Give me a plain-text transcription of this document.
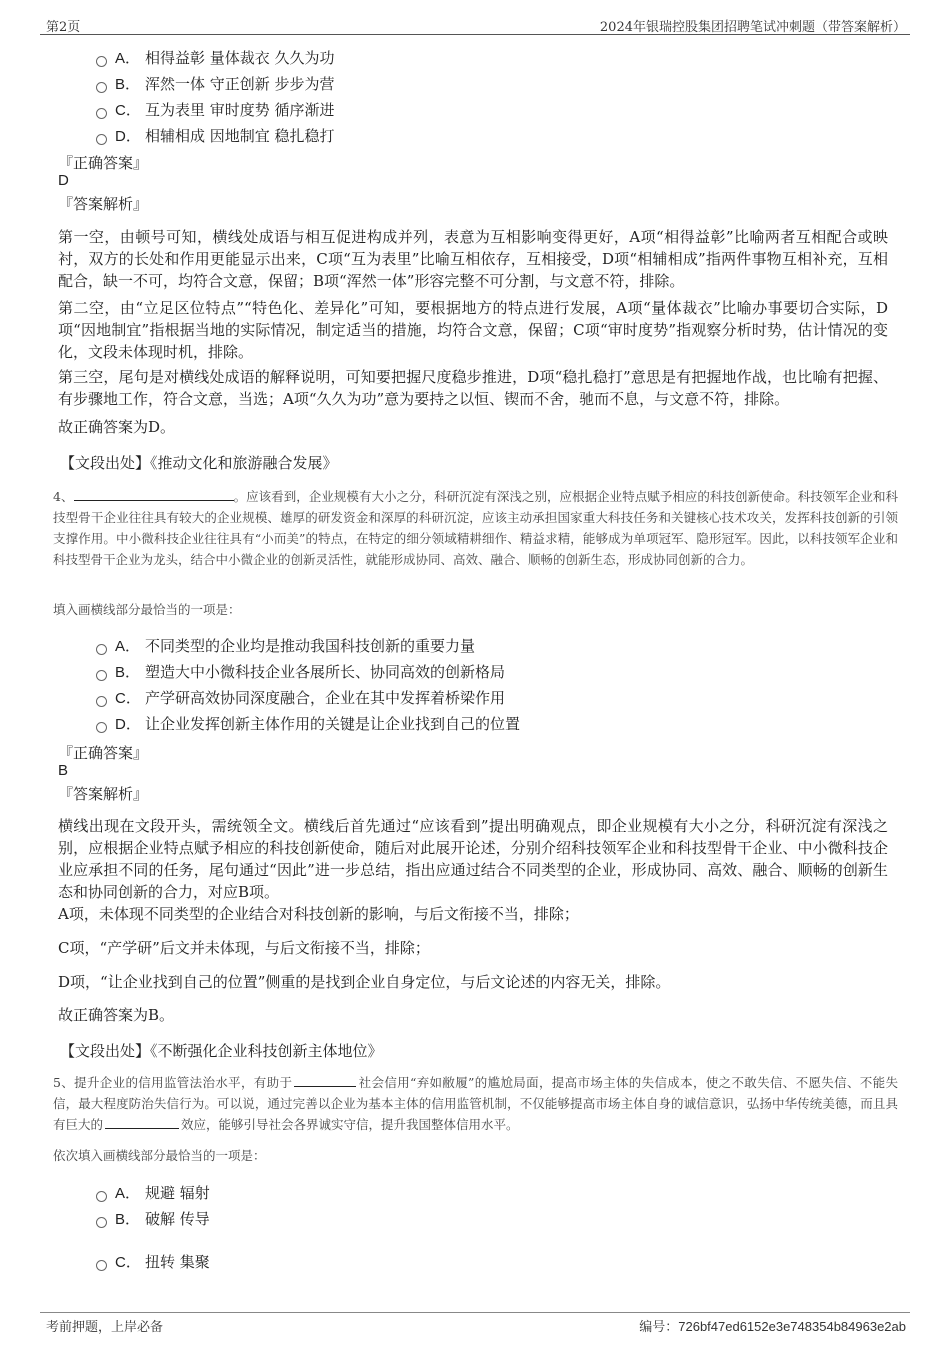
第2页	2024年银瑞控股集团招聘笔试冲刺题（带答案解析）
A． 相得益彰 量体裁衣 久久为功
B． 浑然一体 守正创新 步步为营
C． 互为表里 审时度势 循序渐进
D． 相辅相成 因地制宜 稳扎稳打
『正确答案』
D
『答案解析』

第一空，由顿号可知，横线处成语与相互促进构成并列，表意为互相影响变得更好，A项“相得益彰”比喻两者互相配合或映衬，双方的长处和作用更能显示出来，C项“互为表里”比喻互相依存，互相接受，D项“相辅相成”指两件事物互相补充，互相配合，缺一不可，均符合文意，保留；B项“浑然一体”形容完整不可分割，与文意不符，排除。

第二空，由“立足区位特点”“特色化、差异化”可知，要根据地方的特点进行发展，A项“量体裁衣”比喻办事要切合实际，D项“因地制宜”指根据当地的实际情况，制定适当的措施，均符合文意，保留；C项“审时度势”指观察分析时势，估计情况的变化，文段未体现时机，排除。

第三空，尾句是对横线处成语的解释说明，可知要把握尺度稳步推进，D项“稳扎稳打”意思是有把握地作战，也比喻有把握、有步骤地工作，符合文意，当选；A项“久久为功”意为要持之以恒、锲而不舍，驰而不息，与文意不符，排除。

故正确答案为D。

【文段出处】《推动文化和旅游融合发展》

4、	。应该看到，企业规模有大小之分，科研沉淀有深浅之别，应根据企业特点赋予相应的科技创新使命。科技领军企业和科技型骨干企业往往具有较大的企业规模、雄厚的研发资金和深厚的科研沉淀，应该主动承担国家重大科技任务和关键核心技术攻关，发挥科技创新的引领支撑作用。中小微科技企业往往具有“小而美”的特点，在特定的细分领域精耕细作、精益求精，能够成为单项冠军、隐形冠军。因此，以科技领军企业和科技型骨干企业为龙头，结合中小微企业的创新灵活性，就能形成协同、高效、融合、顺畅的创新生态，形成协同创新的合力。

填入画横线部分最恰当的一项是：
A． 不同类型的企业均是推动我国科技创新的重要力量
B． 塑造大中小微科技企业各展所长、协同高效的创新格局
C． 产学研高效协同深度融合，企业在其中发挥着桥梁作用
D． 让企业发挥创新主体作用的关键是让企业找到自己的位置
『正确答案』
B
『答案解析』

横线出现在文段开头，需统领全文。横线后首先通过“应该看到”提出明确观点，即企业规模有大小之分，科研沉淀有深浅之别，应根据企业特点赋予相应的科技创新使命，随后对此展开论述，分别介绍科技领军企业和科技型骨干企业、中小微科技企业应承担不同的任务，尾句通过“因此”进一步总结，指出应通过结合不同类型的企业，形成协同、高效、融合、顺畅的创新生态和协同创新的合力，对应B项。

A项，未体现不同类型的企业结合对科技创新的影响，与后文衔接不当，排除；

C项，“产学研”后文并未体现，与后文衔接不当，排除；

D项，“让企业找到自己的位置”侧重的是找到企业自身定位，与后文论述的内容无关，排除。

故正确答案为B。

【文段出处】《不断强化企业科技创新主体地位》

5、提升企业的信用监管法治水平，有助于	社会信用“弃如敝履”的尴尬局面，提高市场主体的失信成本，使之不敢失信、不愿失信、不能失信，最大程度防治失信行为。可以说，通过完善以企业为基本主体的信用监管机制，不仅能够提高市场主体自身的诚信意识，弘扬中华传统美德，而且具有巨大的	效应，能够引导社会各界诚实守信，提升我国整体信用水平。

依次填入画横线部分最恰当的一项是：
A． 规避 辐射
B． 破解 传导
C． 扭转 集聚
考前押题，上岸必备	编号：726bf47ed6152e3e748354b84963e2ab
